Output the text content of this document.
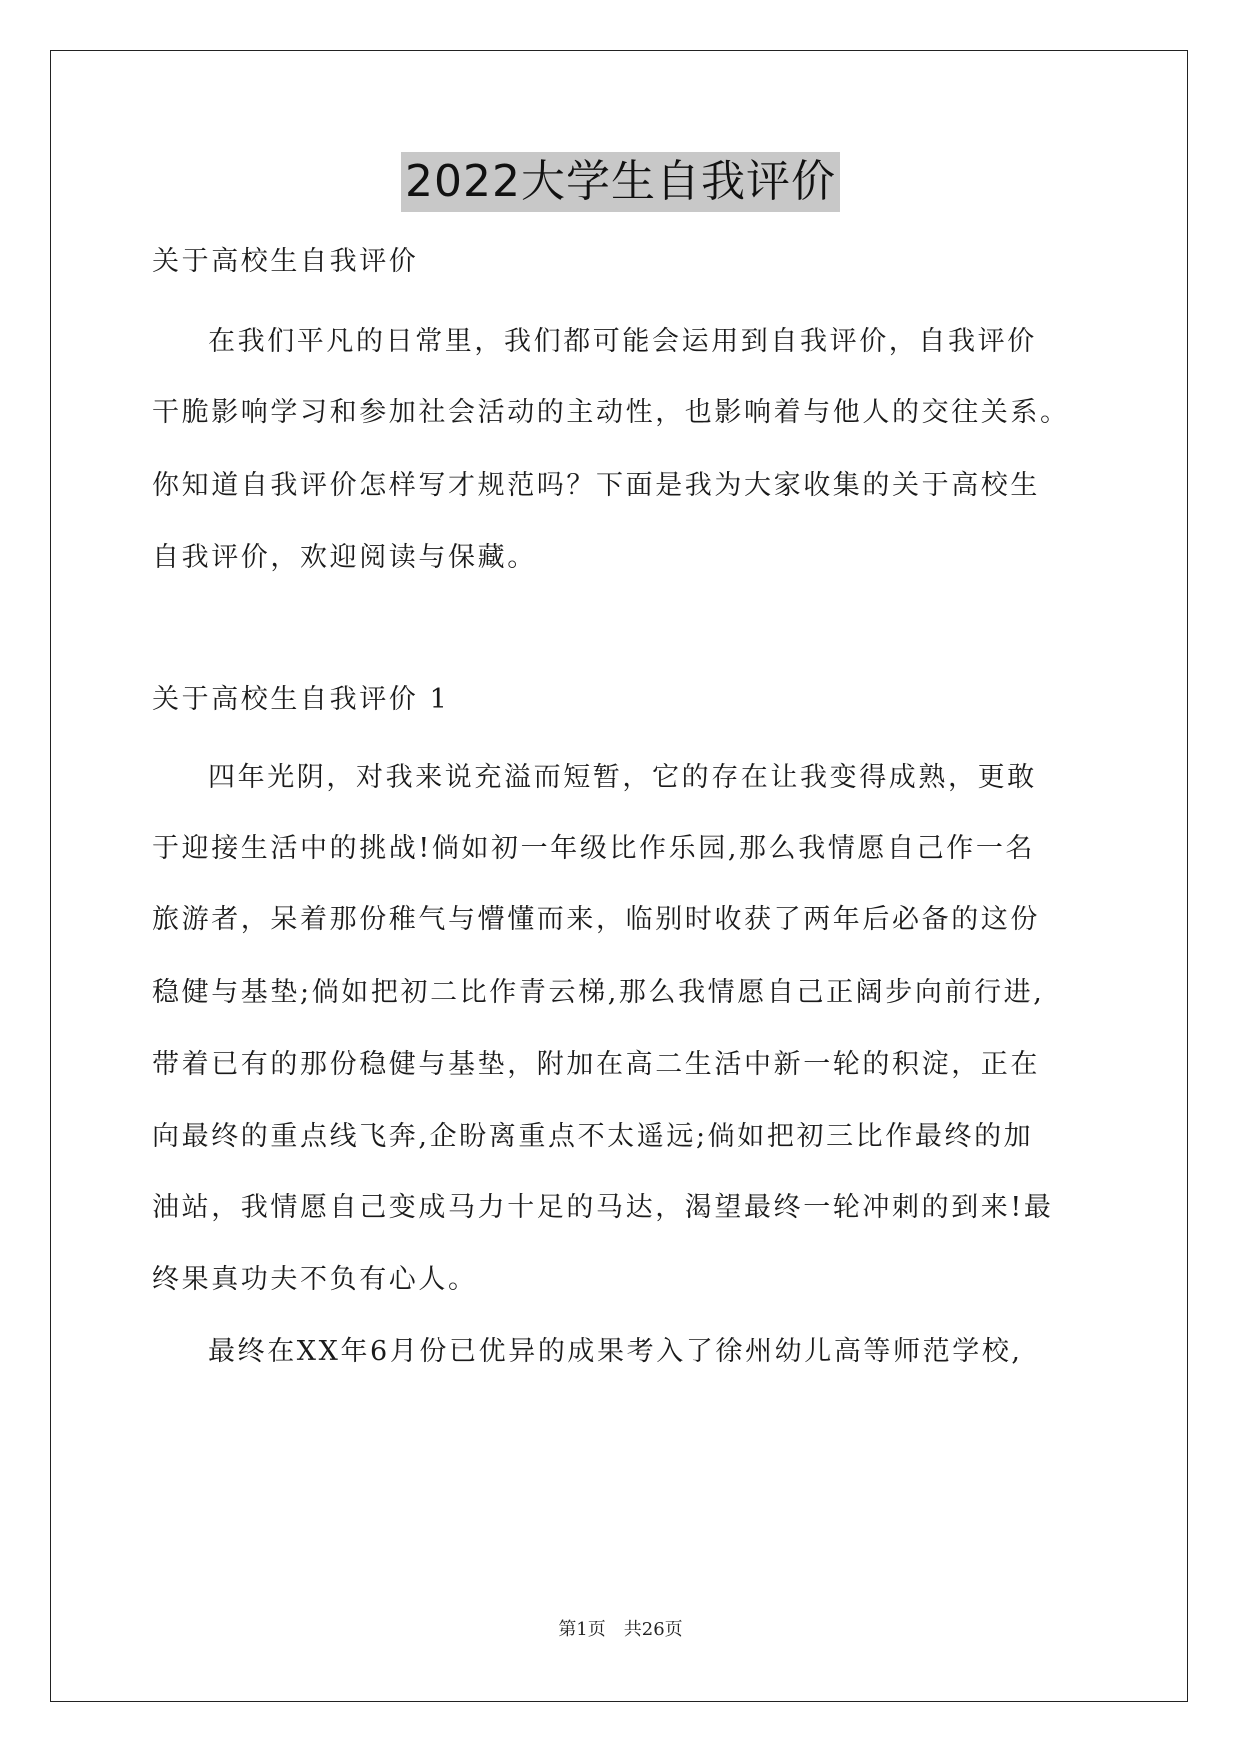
2022大学生自我评价
关于高校生自我评价
在我们平凡的日常里，我们都可能会运用到自我评价，自我评价
干脆影响学习和参加社会活动的主动性，也影响着与他人的交往关系。
你知道自我评价怎样写才规范吗？下面是我为大家收集的关于高校生
自我评价，欢迎阅读与保藏。
关于高校生自我评价 1
四年光阴，对我来说充溢而短暂，它的存在让我变得成熟，更敢
于迎接生活中的挑战!倘如初一年级比作乐园,那么我情愿自己作一名
旅游者，呆着那份稚气与懵懂而来，临别时收获了两年后必备的这份
稳健与基垫;倘如把初二比作青云梯,那么我情愿自己正阔步向前行进,
带着已有的那份稳健与基垫，附加在高二生活中新一轮的积淀，正在
向最终的重点线飞奔,企盼离重点不太遥远;倘如把初三比作最终的加
油站，我情愿自己变成马力十足的马达，渴望最终一轮冲刺的到来!最
终果真功夫不负有心人。
最终在XX年6月份已优异的成果考入了徐州幼儿高等师范学校,
第1页　共26页
